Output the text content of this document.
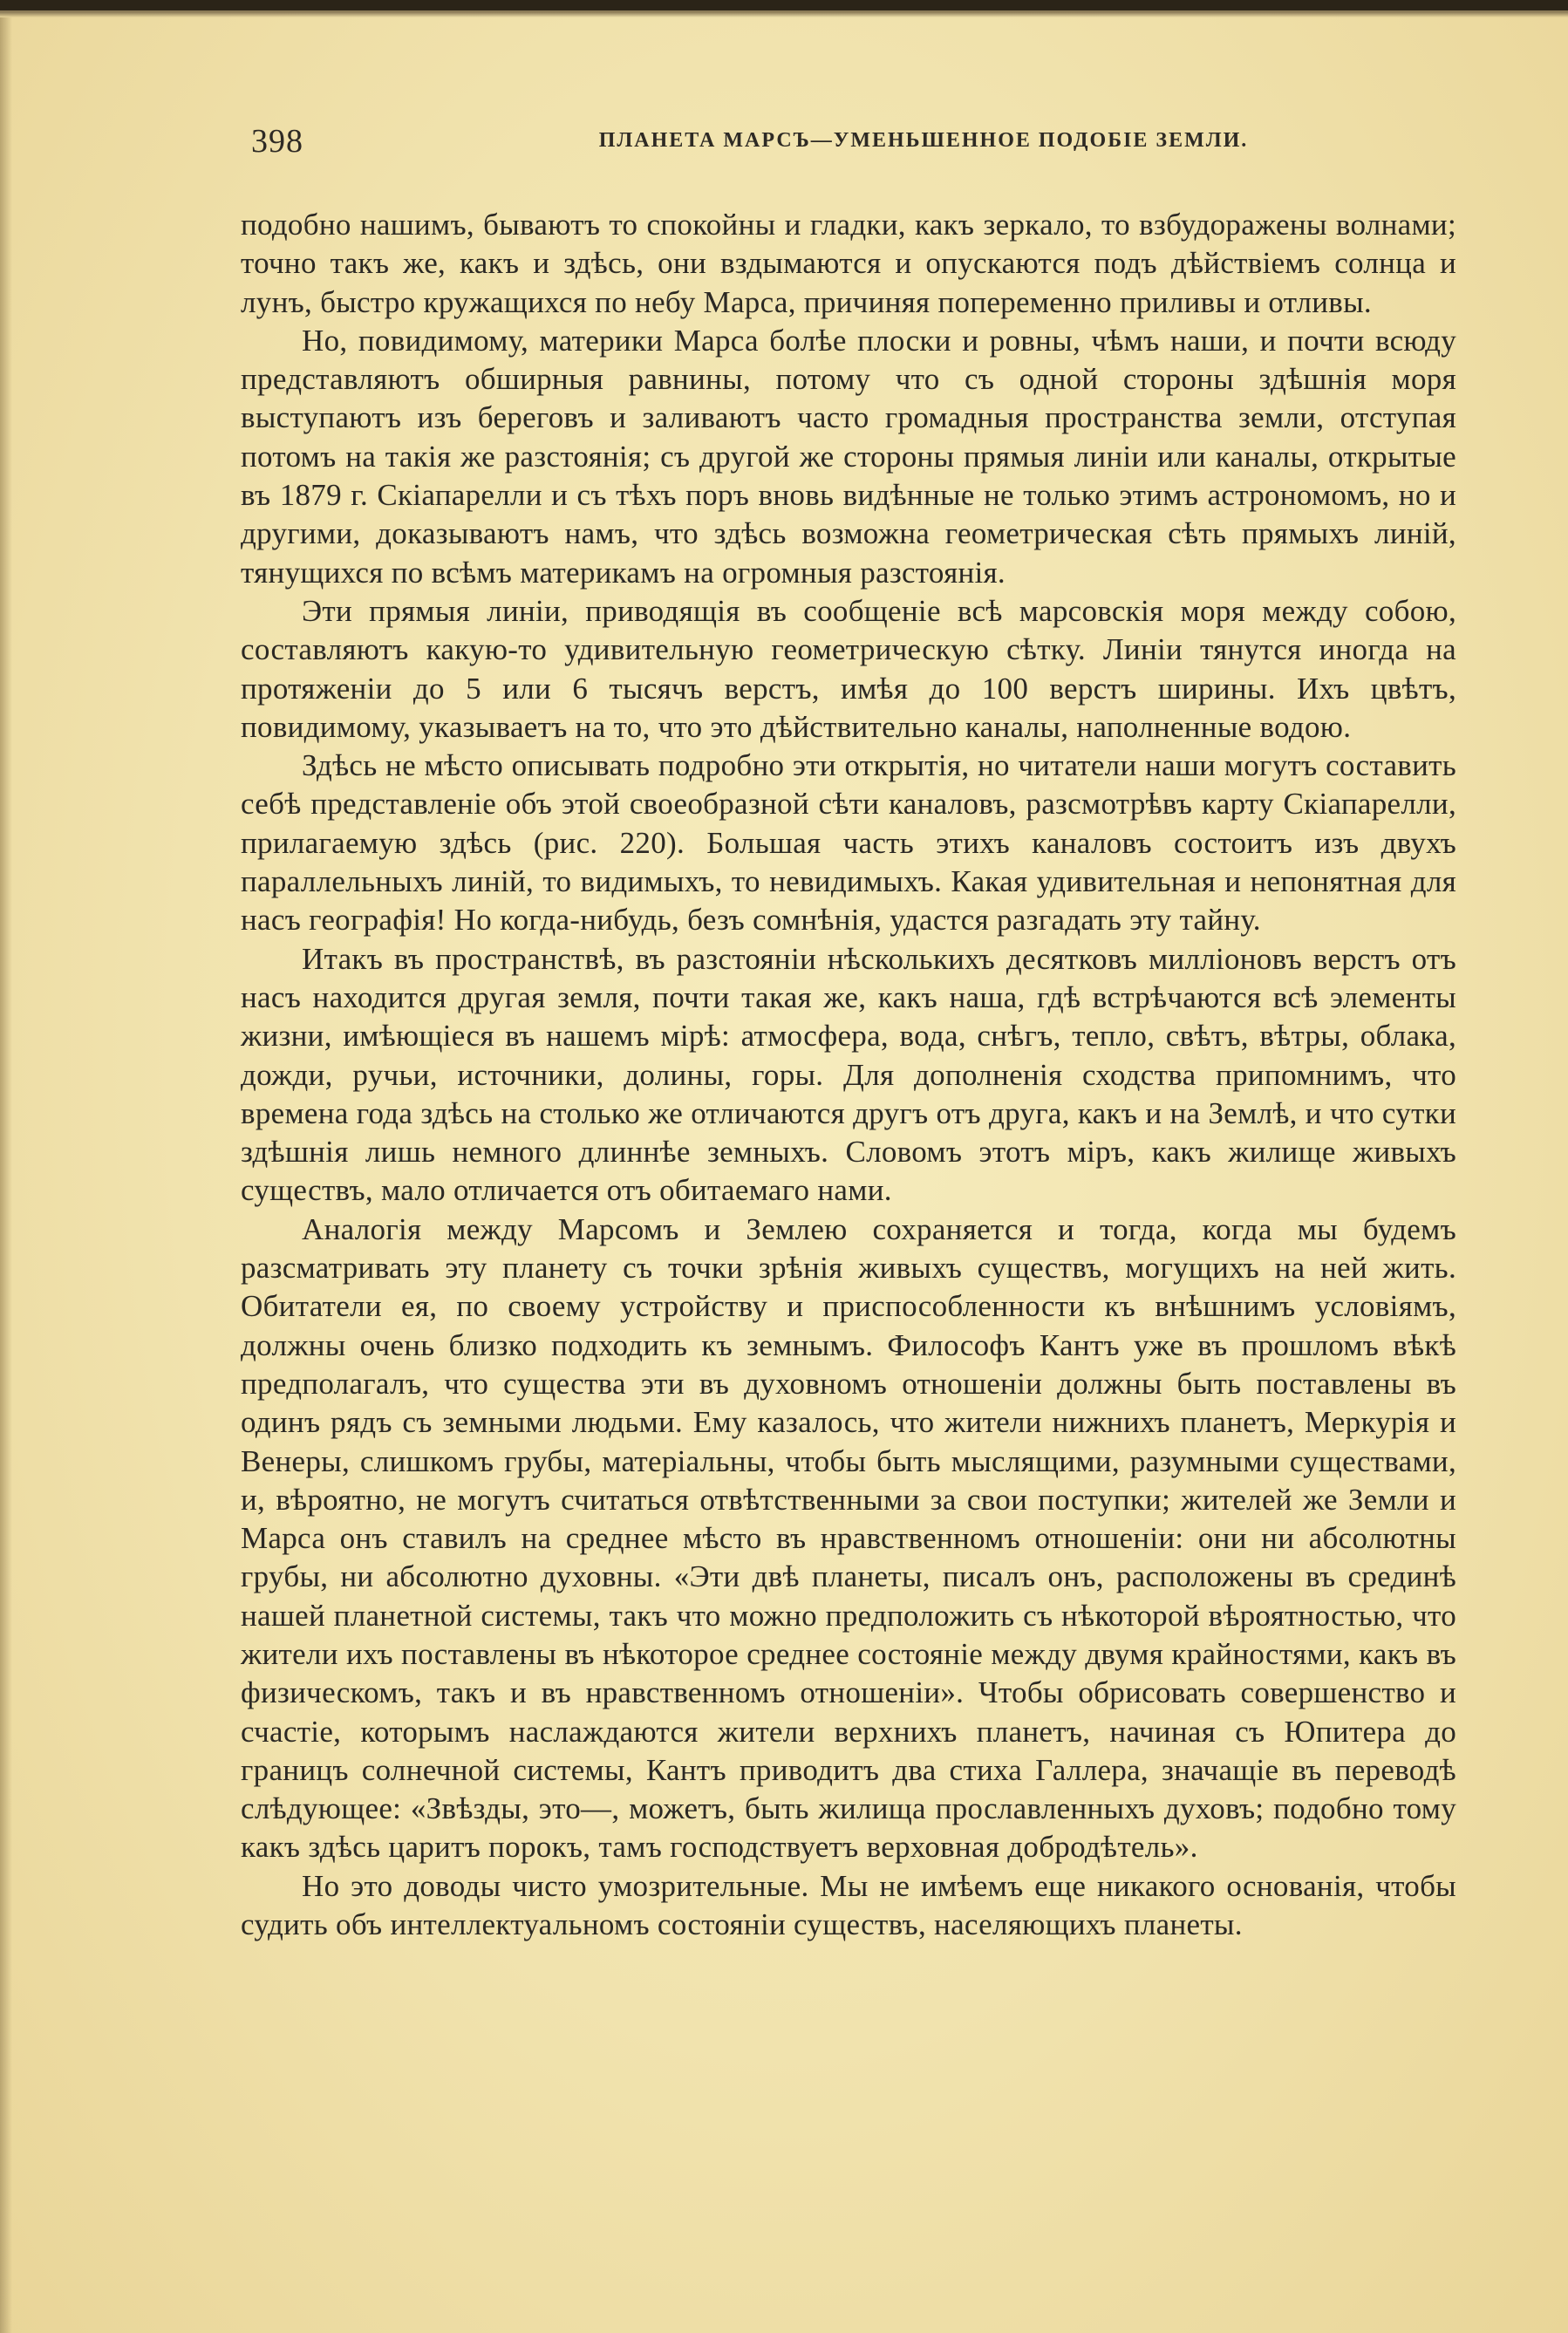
398	ПЛАНЕТА МАРСЪ—УМЕНЬШЕННОЕ ПОДОБІЕ ЗЕМЛИ.

подобно нашимъ, бываютъ то спокойны и гладки, какъ зеркало, то взбудоражены волнами; точно такъ же, какъ и здѣсь, они вздымаются и опускаются подъ дѣйствіемъ солнца и лунъ, быстро кружащихся по небу Марса, причиняя попеременно приливы и отливы.

Но, повидимому, материки Марса болѣе плоски и ровны, чѣмъ наши, и почти всюду представляютъ обширныя равнины, потому что съ одной стороны здѣшнія моря выступаютъ изъ береговъ и заливаютъ часто громадныя пространства земли, отступая потомъ на такія же разстоянія; съ другой же стороны прямыя линіи или каналы, открытые въ 1879 г. Скіапарелли и съ тѣхъ поръ вновь видѣнные не только этимъ астрономомъ, но и другими, доказываютъ намъ, что здѣсь возможна геометрическая сѣть прямыхъ линій, тянущихся по всѣмъ материкамъ на огромныя разстоянія.

Эти прямыя линіи, приводящія въ сообщеніе всѣ марсовскія моря между собою, составляютъ какую-то удивительную геометрическую сѣтку. Линіи тянутся иногда на протяженіи до 5 или 6 тысячъ верстъ, имѣя до 100 верстъ ширины. Ихъ цвѣтъ, повидимому, указываетъ на то, что это дѣйствительно каналы, наполненные водою.

Здѣсь не мѣсто описывать подробно эти открытія, но читатели наши могутъ составить себѣ представленіе объ этой своеобразной сѣти каналовъ, разсмотрѣвъ карту Скіапарелли, прилагаемую здѣсь (рис. 220). Большая часть этихъ каналовъ состоитъ изъ двухъ параллельныхъ линій, то видимыхъ, то невидимыхъ. Какая удивительная и непонятная для насъ географія! Но когда-нибудь, безъ сомнѣнія, удастся разгадать эту тайну.

Итакъ въ пространствѣ, въ разстояніи нѣсколькихъ десятковъ милліоновъ верстъ отъ насъ находится другая земля, почти такая же, какъ наша, гдѣ встрѣчаются всѣ элементы жизни, имѣющіеся въ нашемъ мірѣ: атмосфера, вода, снѣгъ, тепло, свѣтъ, вѣтры, облака, дожди, ручьи, источники, долины, горы. Для дополненія сходства припомнимъ, что времена года здѣсь на столько же отличаются другъ отъ друга, какъ и на Землѣ, и что сутки здѣшнія лишь немного длиннѣе земныхъ. Словомъ этотъ міръ, какъ жилище живыхъ существъ, мало отличается отъ обитаемаго нами.

Аналогія между Марсомъ и Землею сохраняется и тогда, когда мы будемъ разсматривать эту планету съ точки зрѣнія живыхъ существъ, могущихъ на ней жить. Обитатели ея, по своему устройству и приспособленности къ внѣшнимъ условіямъ, должны очень близко подходить къ земнымъ. Философъ Кантъ уже въ прошломъ вѣкѣ предполагалъ, что существа эти въ духовномъ отношеніи должны быть поставлены въ одинъ рядъ съ земными людьми. Ему казалось, что жители нижнихъ планетъ, Меркурія и Венеры, слишкомъ грубы, матеріальны, чтобы быть мыслящими, разумными существами, и, вѣроятно, не могутъ считаться отвѣтственными за свои поступки; жителей же Земли и Марса онъ ставилъ на среднее мѣсто въ нравственномъ отношеніи: они ни абсолютны грубы, ни абсолютно духовны. «Эти двѣ планеты, писалъ онъ, расположены въ срединѣ нашей планетной системы, такъ что можно предположить съ нѣкоторой вѣроятностью, что жители ихъ поставлены въ нѣкоторое среднее состояніе между двумя крайностями, какъ въ физическомъ, такъ и въ нравственномъ отношеніи». Чтобы обрисовать совершенство и счастіе, которымъ наслаждаются жители верхнихъ планетъ, начиная съ Юпитера до границъ солнечной системы, Кантъ приводитъ два стиха Галлера, значащіе въ переводѣ слѣдующее: «Звѣзды, это—, можетъ, быть жилища прославленныхъ духовъ; подобно тому какъ здѣсь царитъ порокъ, тамъ господствуетъ верховная добродѣтель».

Но это доводы чисто умозрительные. Мы не имѣемъ еще никакого основанія, чтобы судить объ интеллектуальномъ состояніи существъ, населяющихъ планеты.
